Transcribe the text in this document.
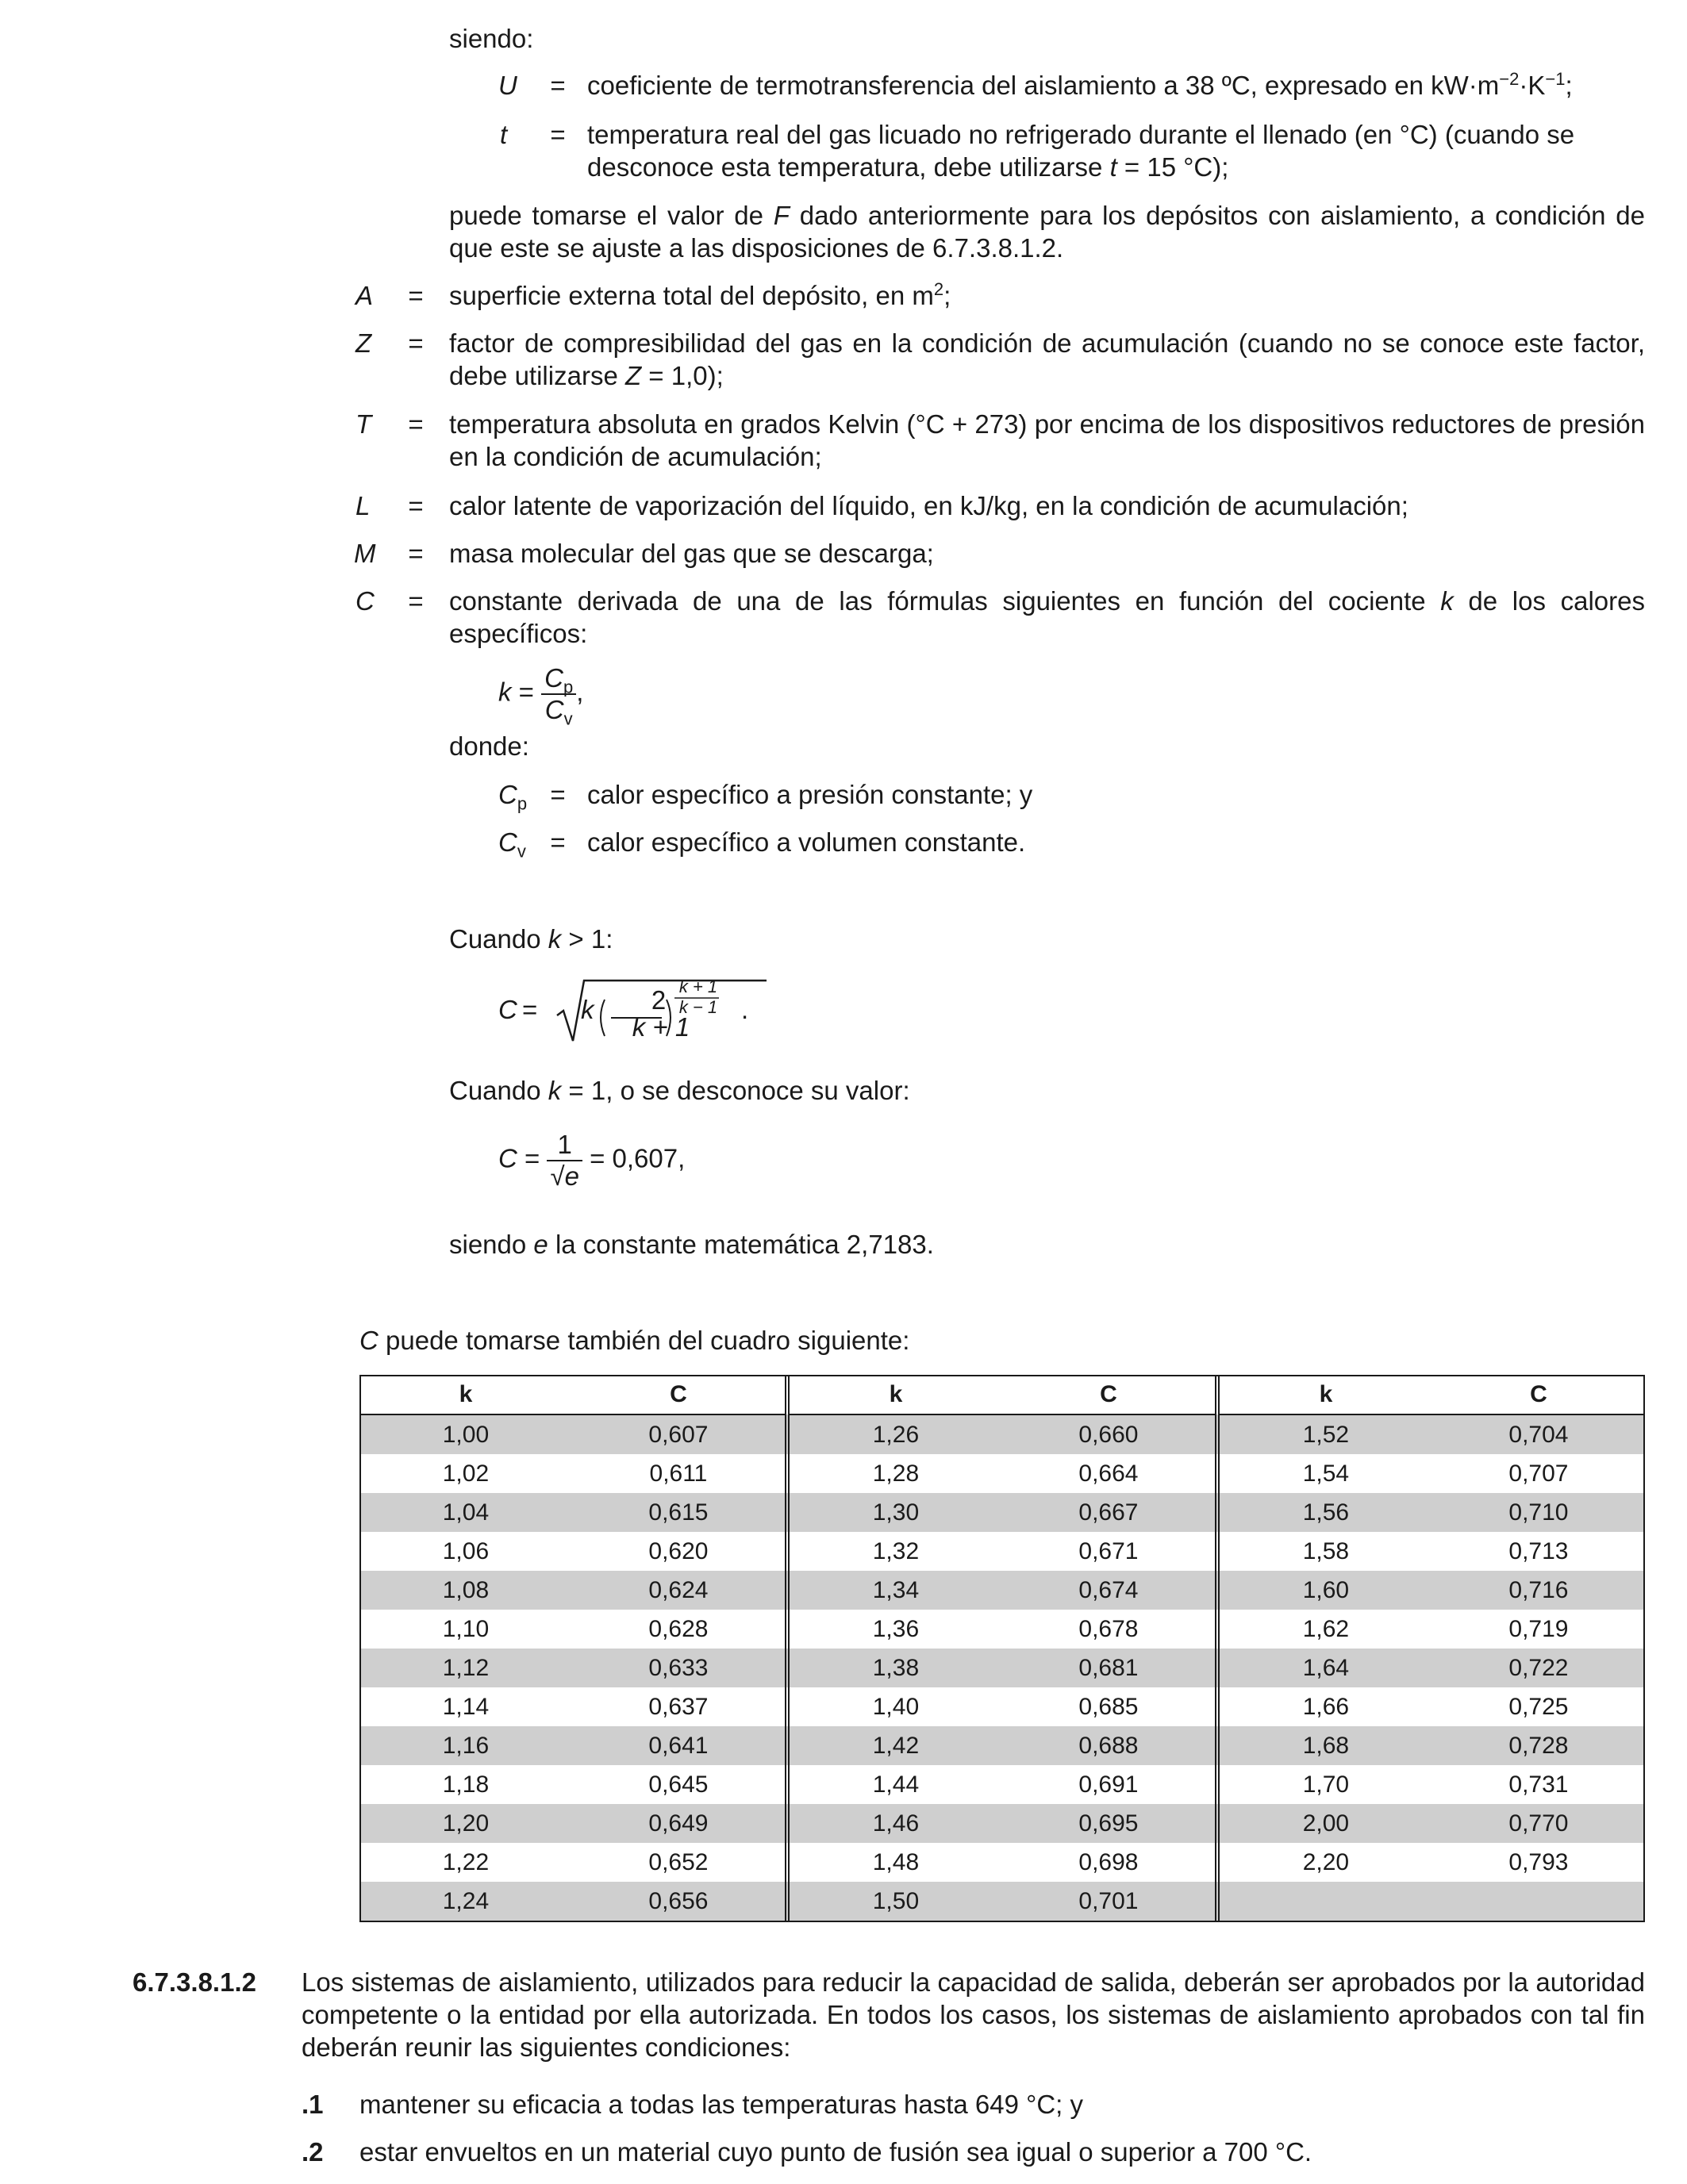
siendo:
U	= coeficiente de termotransferencia del aislamiento a 38 ºC, expresado en $kW\cdot m^{-2}\cdot K^{-1}$;
t	= temperatura real del gas licuado no refrigerado durante el llenado (en °C) (cuando se
desconoce esta temperatura, debe utilizarse t = 15 °C);
puede tomarse el valor de F dado anteriormente para los depósitos con aislamiento, a condición de que este se ajuste a las disposiciones de 6.7.3.8.1.2.
A	= superficie externa total del depósito, en $m^2$;
Z	= factor de compresibilidad del gas en la condición de acumulación (cuando no se conoce este factor, debe utilizarse Z = 1,0);
T	= temperatura absoluta en grados Kelvin (°C + 273) por encima de los dispositivos reductores de presión en la condición de acumulación;
L	= calor latente de vaporización del líquido, en kJ/kg, en la condición de acumulación;
M	= masa molecular del gas que se descarga;
C	= constante derivada de una de las fórmulas siguientes en función del cociente k de los calores específicos:
$k = \frac{C_p}{C_v}$ ,
donde:
$C_p$ = calor específico a presión constante; y
$C_v$ = calor específico a volumen constante.
Cuando k > 1:
C = k	2
k + 1
k + 1
k − 1 .
Cuando k = 1, o se desconoce su valor:
$C = \frac{1}{√e} = 0,607$,
siendo e la constante matemática 2,7183.
C puede tomarse también del cuadro siguiente:
k	C	k	C	k	C
1,00	0,607	1,26	0,660	1,52	0,704
1,02	0,611	1,28	0,664	1,54	0,707
1,04	0,615	1,30	0,667	1,56	0,710
1,06	0,620	1,32	0,671	1,58	0,713
1,08	0,624	1,34	0,674	1,60	0,716
1,10	0,628	1,36	0,678	1,62	0,719
1,12	0,633	1,38	0,681	1,64	0,722
1,14	0,637	1,40	0,685	1,66	0,725
1,16	0,641	1,42	0,688	1,68	0,728
1,18	0,645	1,44	0,691	1,70	0,731
1,20	0,649	1,46	0,695	2,00	0,770
1,22	0,652	1,48	0,698	2,20	0,793
1,24	0,656	1,50	0,701		
6.7.3.8.1.2 Los sistemas de aislamiento, utilizados para reducir la capacidad de salida, deberán ser aprobados por la autoridad competente o la entidad por ella autorizada. En todos los casos, los sistemas de aislamiento aprobados con tal fin deberán reunir las siguientes condiciones:
.1 mantener su eficacia a todas las temperaturas hasta 649 °C; y
.2 estar envueltos en un material cuyo punto de fusión sea igual o superior a 700 °C.
